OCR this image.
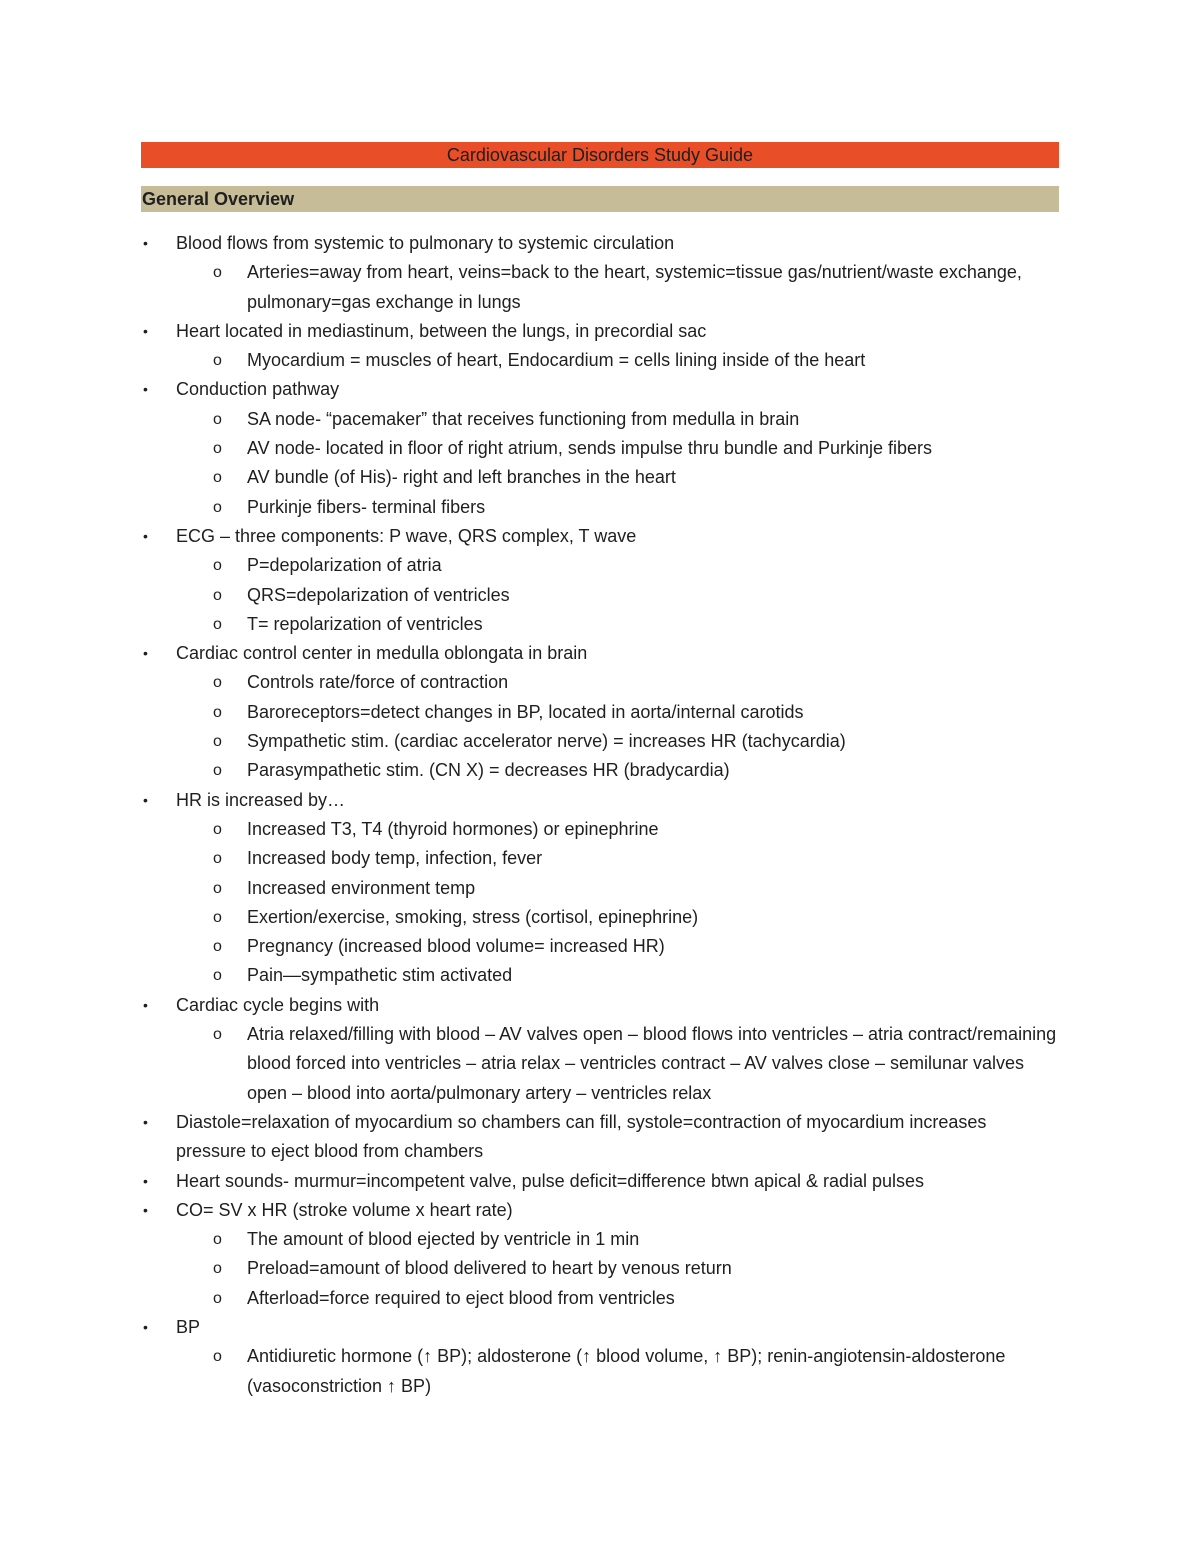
Cardiovascular Disorders Study Guide
General Overview
• Blood flows from systemic to pulmonary to systemic circulation
o Arteries=away from heart, veins=back to the heart, systemic=tissue gas/nutrient/waste exchange, pulmonary=gas exchange in lungs
• Heart located in mediastinum, between the lungs, in precordial sac
o Myocardium = muscles of heart, Endocardium = cells lining inside of the heart
• Conduction pathway
o SA node- “pacemaker” that receives functioning from medulla in brain
o AV node- located in floor of right atrium, sends impulse thru bundle and Purkinje fibers
o AV bundle (of His)- right and left branches in the heart
o Purkinje fibers- terminal fibers
• ECG – three components: P wave, QRS complex, T wave
o P=depolarization of atria
o QRS=depolarization of ventricles
o T= repolarization of ventricles
• Cardiac control center in medulla oblongata in brain
o Controls rate/force of contraction
o Baroreceptors=detect changes in BP, located in aorta/internal carotids
o Sympathetic stim. (cardiac accelerator nerve) = increases HR (tachycardia)
o Parasympathetic stim. (CN X) = decreases HR (bradycardia)
• HR is increased by…
o Increased T3, T4 (thyroid hormones) or epinephrine
o Increased body temp, infection, fever
o Increased environment temp
o Exertion/exercise, smoking, stress (cortisol, epinephrine)
o Pregnancy (increased blood volume= increased HR)
o Pain—sympathetic stim activated
• Cardiac cycle begins with
o Atria relaxed/filling with blood – AV valves open – blood flows into ventricles – atria contract/remaining blood forced into ventricles – atria relax – ventricles contract – AV valves close – semilunar valves open – blood into aorta/pulmonary artery – ventricles relax
• Diastole=relaxation of myocardium so chambers can fill, systole=contraction of myocardium increases pressure to eject blood from chambers
• Heart sounds- murmur=incompetent valve, pulse deficit=difference btwn apical & radial pulses
• CO= SV x HR (stroke volume x heart rate)
o The amount of blood ejected by ventricle in 1 min
o Preload=amount of blood delivered to heart by venous return
o Afterload=force required to eject blood from ventricles
• BP
o Antidiuretic hormone (↑ BP); aldosterone (↑ blood volume, ↑ BP); renin-angiotensin-aldosterone (vasoconstriction ↑ BP)
